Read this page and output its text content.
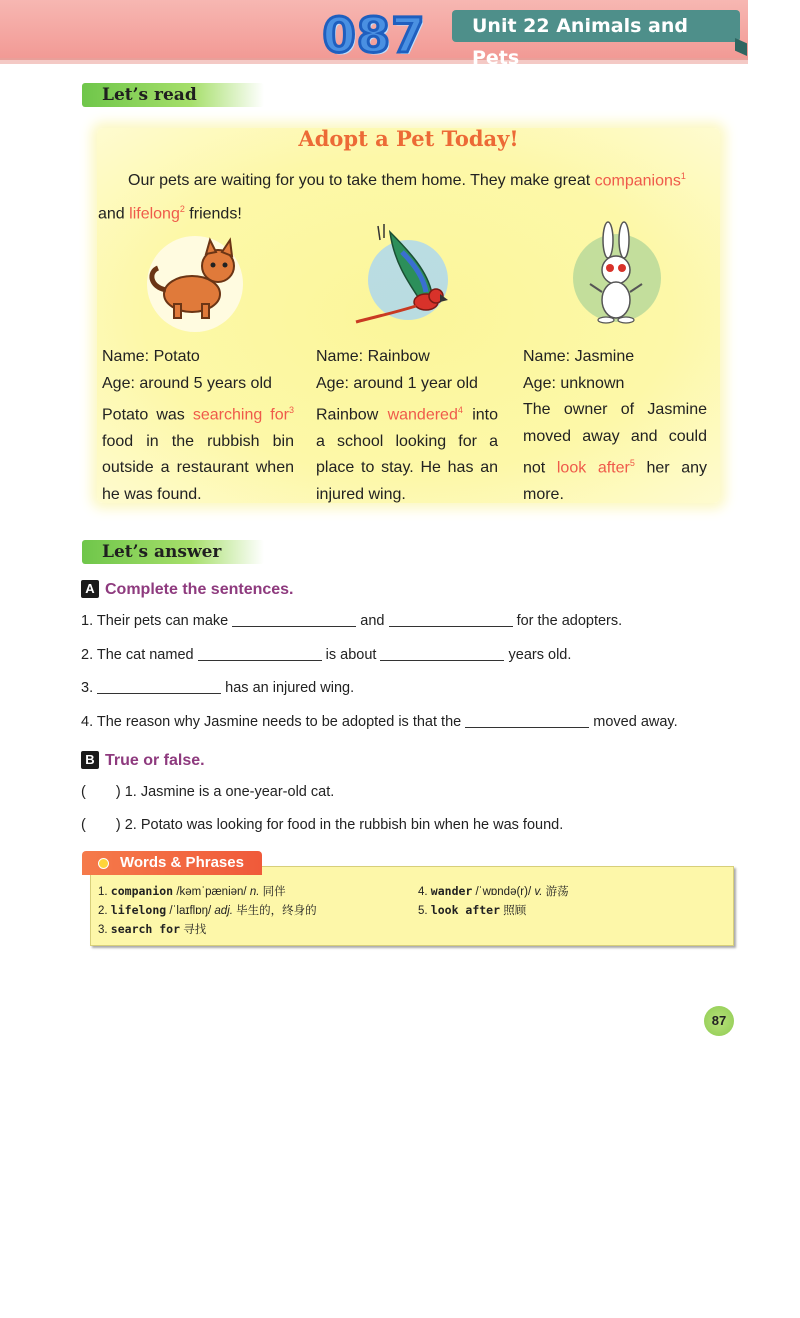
087	Unit 22 Animals and Pets
Let’s read
Adopt a Pet Today!
Our pets are waiting for you to take them home. They make great companions$^1$
and lifelong$^2$ friends!
Name: Potato
Age: around 5 years old
Potato was searching for$^3$ food in the rubbish bin outside a restaurant when he was found.
Name: Rainbow
Age: around 1 year old
Rainbow wandered$^4$ into a school looking for a place to stay. He has an injured wing.
Name: Jasmine
Age: unknown
The owner of Jasmine moved away and could not look after$^5$ her any more.
Let’s answer
A Complete the sentences.
1. Their pets can make	and	for the adopters.
2. The cat named	is about	years old.
3.	has an injured wing.
4. The reason why Jasmine needs to be adopted is that the	moved away.
B True or false.
( ) 1. Jasmine is a one-year-old cat.
( ) 2. Potato was looking for food in the rubbish bin when he was found.
Words & Phrases
1. companion /kəmˈpæniən/ n. 同伴
2. lifelong /ˈlaɪflɒŋ/ adj. 毕生的，终身的
3. search for 寻找
4. wander /ˈwɒndə(r)/ v. 游荡
5. look after 照顾
87
